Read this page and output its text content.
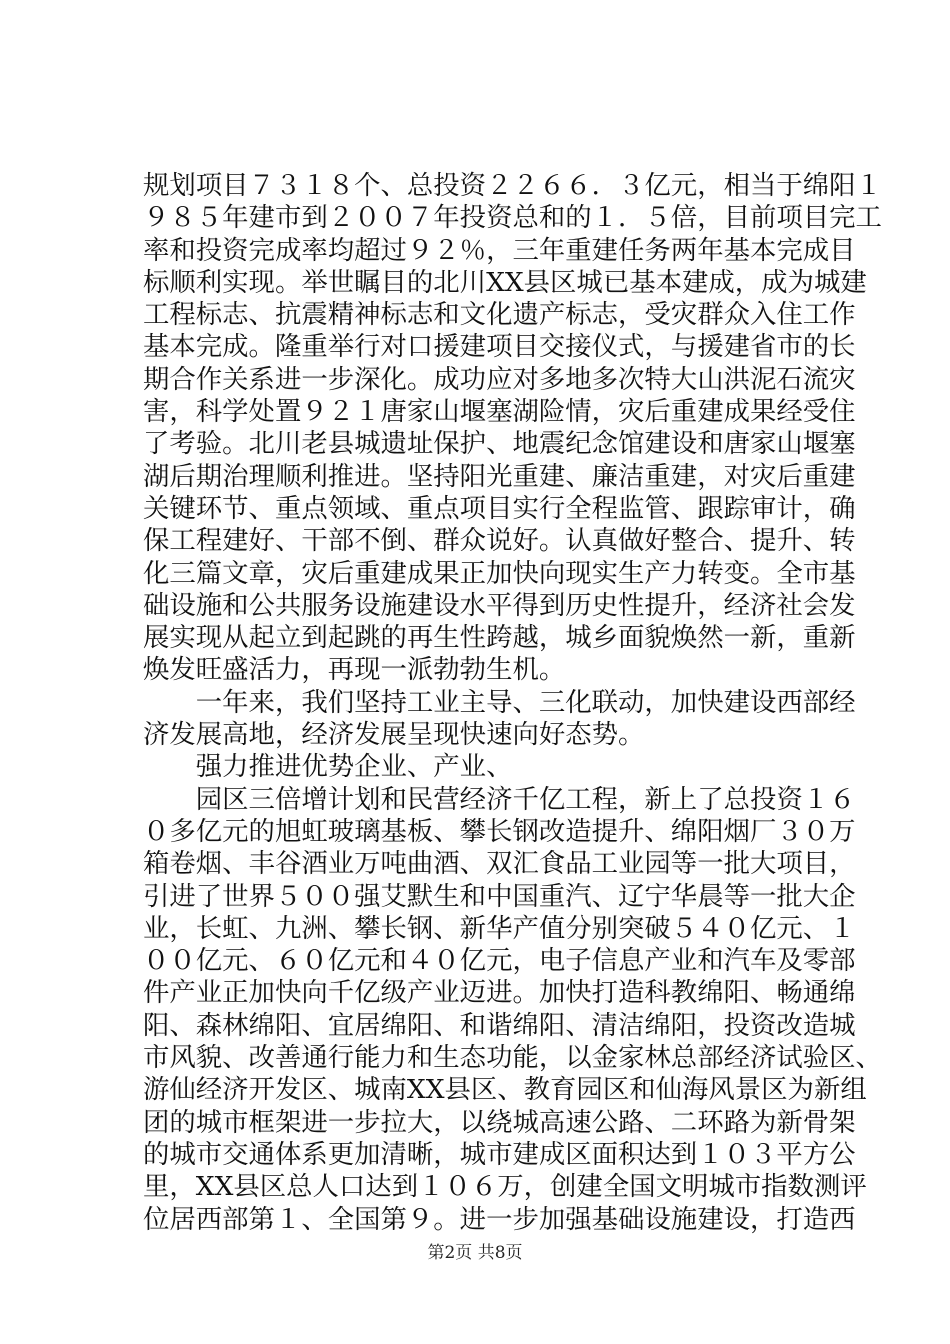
规划项目７３１８个、总投资２２６６．３亿元，相当于绵阳１
９８５年建市到２００７年投资总和的１．５倍，目前项目完工
率和投资完成率均超过９２％，三年重建任务两年基本完成目
标顺利实现。举世瞩目的北川XX县区城已基本建成，成为城建
工程标志、抗震精神标志和文化遗产标志，受灾群众入住工作
基本完成。隆重举行对口援建项目交接仪式，与援建省市的长
期合作关系进一步深化。成功应对多地多次特大山洪泥石流灾
害，科学处置９２１唐家山堰塞湖险情，灾后重建成果经受住
了考验。北川老县城遗址保护、地震纪念馆建设和唐家山堰塞
湖后期治理顺利推进。坚持阳光重建、廉洁重建，对灾后重建
关键环节、重点领域、重点项目实行全程监管、跟踪审计，确
保工程建好、干部不倒、群众说好。认真做好整合、提升、转
化三篇文章，灾后重建成果正加快向现实生产力转变。全市基
础设施和公共服务设施建设水平得到历史性提升，经济社会发
展实现从起立到起跳的再生性跨越，城乡面貌焕然一新，重新
焕发旺盛活力，再现一派勃勃生机。
　　一年来，我们坚持工业主导、三化联动，加快建设西部经
济发展高地，经济发展呈现快速向好态势。
　　强力推进优势企业、产业、
　　园区三倍增计划和民营经济千亿工程，新上了总投资１６
０多亿元的旭虹玻璃基板、攀长钢改造提升、绵阳烟厂３０万
箱卷烟、丰谷酒业万吨曲酒、双汇食品工业园等一批大项目，
引进了世界５００强艾默生和中国重汽、辽宁华晨等一批大企
业，长虹、九洲、攀长钢、新华产值分别突破５４０亿元、１
００亿元、６０亿元和４０亿元，电子信息产业和汽车及零部
件产业正加快向千亿级产业迈进。加快打造科教绵阳、畅通绵
阳、森林绵阳、宜居绵阳、和谐绵阳、清洁绵阳，投资改造城
市风貌、改善通行能力和生态功能，以金家林总部经济试验区、
游仙经济开发区、城南XX县区、教育园区和仙海风景区为新组
团的城市框架进一步拉大，以绕城高速公路、二环路为新骨架
的城市交通体系更加清晰，城市建成区面积达到１０３平方公
里，XX县区总人口达到１０６万，创建全国文明城市指数测评
位居西部第１、全国第９。进一步加强基础设施建设，打造西
第2页 共8页
